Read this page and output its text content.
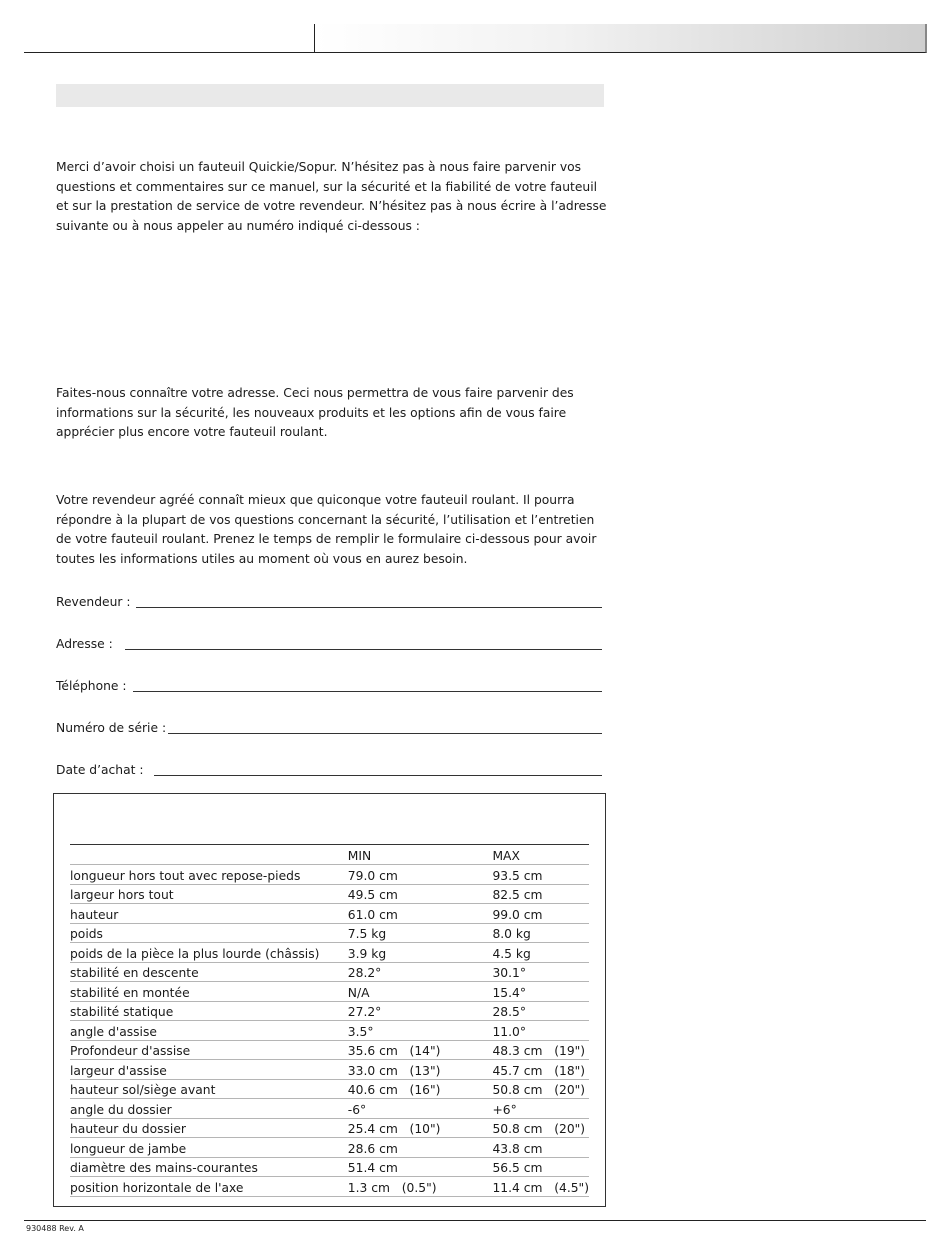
Merci d’avoir choisi un fauteuil Quickie/Sopur. N’hésitez pas à nous faire parvenir vos questions et commentaires sur ce manuel, sur la sécurité et la fiabilité de votre fauteuil et sur la prestation de service de votre revendeur. N’hésitez pas à nous écrire à l’adresse suivante ou à nous appeler au numéro indiqué ci-dessous :

Faites-nous connaître votre adresse. Ceci nous permettra de vous faire parvenir des informations sur la sécurité, les nouveaux produits et les options afin de vous faire apprécier plus encore votre fauteuil roulant.

Votre revendeur agréé connaît mieux que quiconque votre fauteuil roulant. Il pourra répondre à la plupart de vos questions concernant la sécurité, l’utilisation et l’entretien de votre fauteuil roulant. Prenez le temps de remplir le formulaire ci-dessous pour avoir toutes les informations utiles au moment où vous en aurez besoin.

Revendeur :
Adresse :
Téléphone :
Numéro de série :
Date d’achat :
	MIN	MAX
longueur hors tout avec repose-pieds	79.0 cm	93.5 cm
largeur hors tout	49.5 cm	82.5 cm
hauteur	61.0 cm	99.0 cm
poids	7.5 kg	8.0 kg
poids de la pièce la plus lourde (châssis)	3.9 kg	4.5 kg
stabilité en descente	28.2°	30.1°
stabilité en montée	N/A	15.4°
stabilité statique	27.2°	28.5°
angle d'assise	3.5°	11.0°
Profondeur d'assise	35.6 cm   (14")	48.3 cm   (19")
largeur d'assise	33.0 cm   (13")	45.7 cm   (18")
hauteur sol/siège avant	40.6 cm   (16")	50.8 cm   (20")
angle du dossier	-6°	+6°
hauteur du dossier	25.4 cm   (10")	50.8 cm   (20")
longueur de jambe	28.6 cm	43.8 cm
diamètre des mains-courantes	51.4 cm	56.5 cm
position horizontale de l'axe	1.3 cm   (0.5")	11.4 cm   (4.5")
930488 Rev. A
